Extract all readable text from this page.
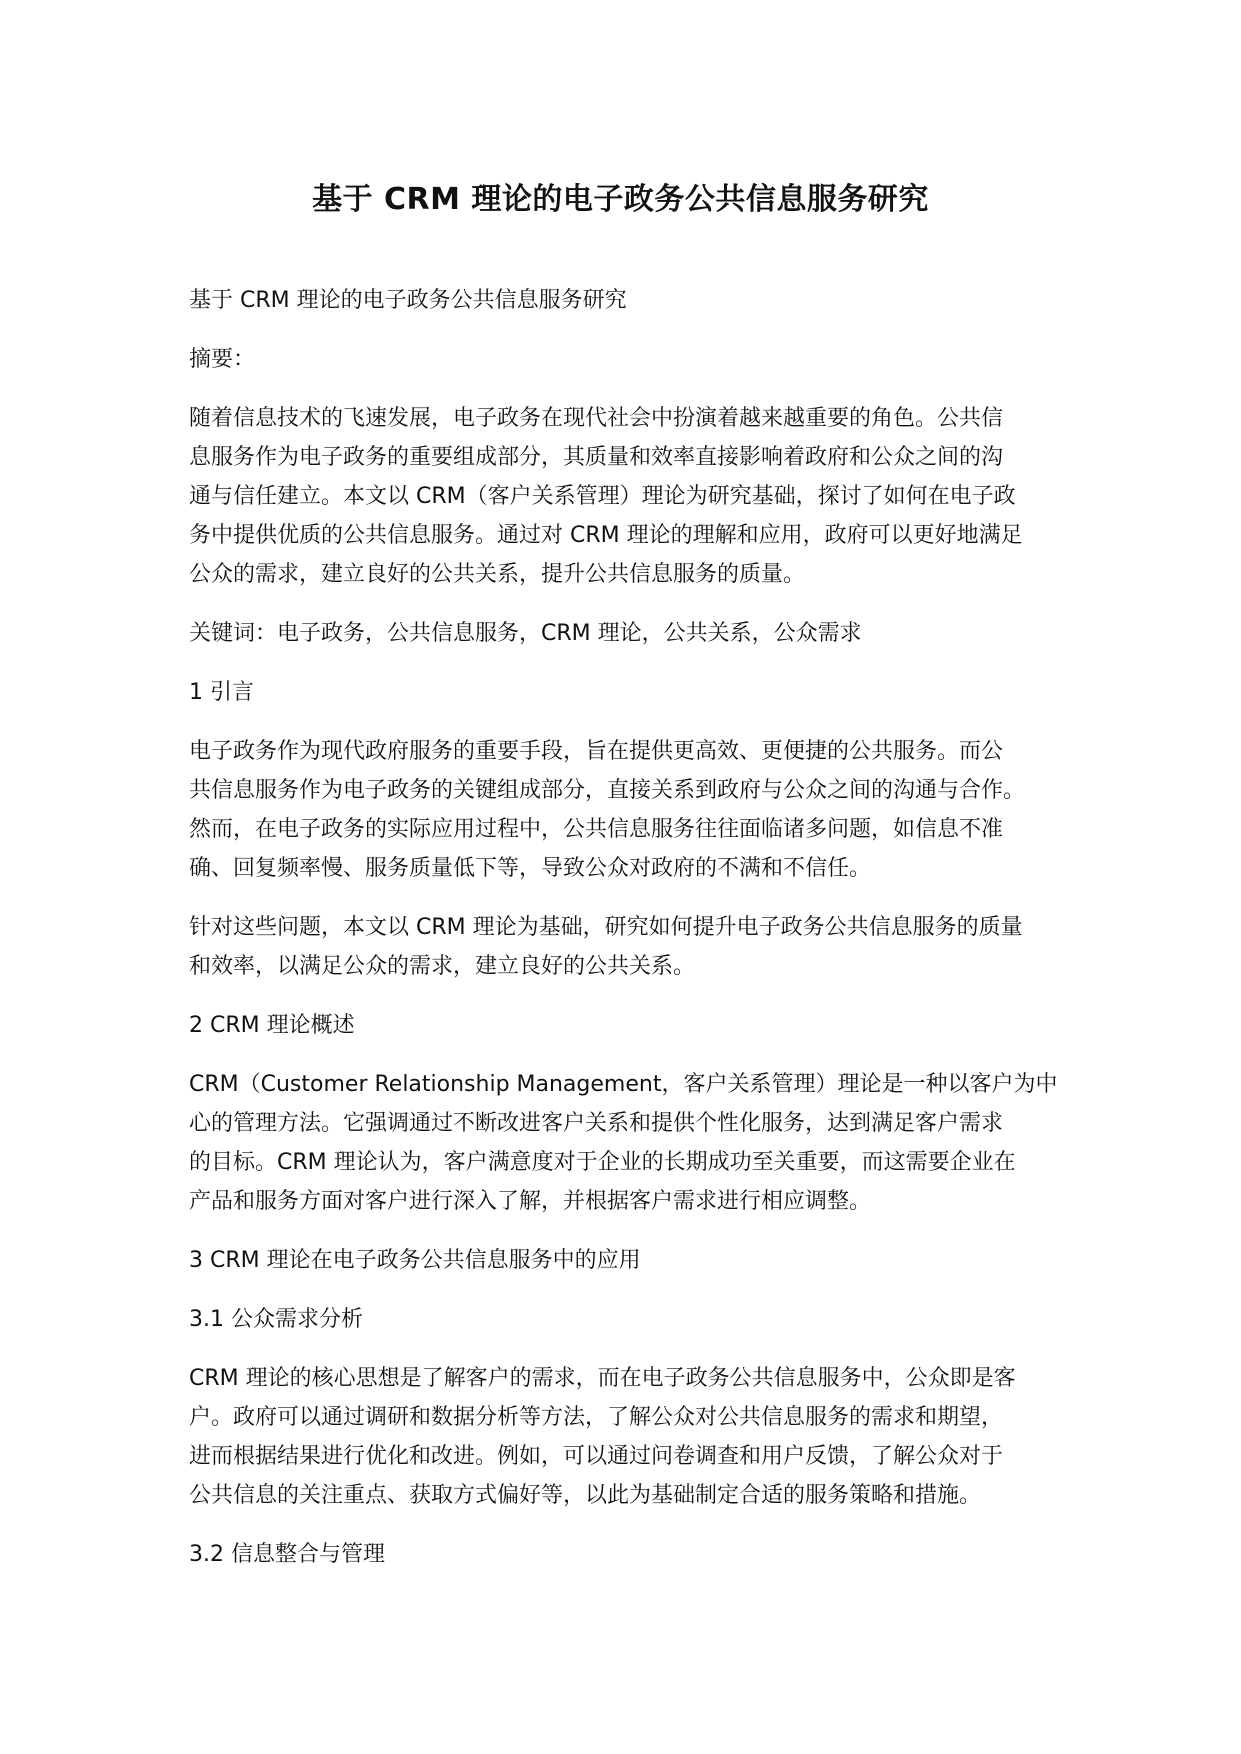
基于 CRM 理论的电子政务公共信息服务研究

基于 CRM 理论的电子政务公共信息服务研究

摘要：

随着信息技术的飞速发展，电子政务在现代社会中扮演着越来越重要的角色。公共信
息服务作为电子政务的重要组成部分，其质量和效率直接影响着政府和公众之间的沟
通与信任建立。本文以 CRM（客户关系管理）理论为研究基础，探讨了如何在电子政
务中提供优质的公共信息服务。通过对 CRM 理论的理解和应用，政府可以更好地满足
公众的需求，建立良好的公共关系，提升公共信息服务的质量。

关键词：电子政务，公共信息服务，CRM 理论，公共关系，公众需求

1 引言

电子政务作为现代政府服务的重要手段，旨在提供更高效、更便捷的公共服务。而公
共信息服务作为电子政务的关键组成部分，直接关系到政府与公众之间的沟通与合作。
然而，在电子政务的实际应用过程中，公共信息服务往往面临诸多问题，如信息不准
确、回复频率慢、服务质量低下等，导致公众对政府的不满和不信任。

针对这些问题，本文以 CRM 理论为基础，研究如何提升电子政务公共信息服务的质量
和效率，以满足公众的需求，建立良好的公共关系。

2 CRM 理论概述

CRM（Customer Relationship Management，客户关系管理）理论是一种以客户为中
心的管理方法。它强调通过不断改进客户关系和提供个性化服务，达到满足客户需求
的目标。CRM 理论认为，客户满意度对于企业的长期成功至关重要，而这需要企业在
产品和服务方面对客户进行深入了解，并根据客户需求进行相应调整。

3 CRM 理论在电子政务公共信息服务中的应用

3.1 公众需求分析

CRM 理论的核心思想是了解客户的需求，而在电子政务公共信息服务中，公众即是客
户。政府可以通过调研和数据分析等方法，了解公众对公共信息服务的需求和期望，
进而根据结果进行优化和改进。例如，可以通过问卷调查和用户反馈，了解公众对于
公共信息的关注重点、获取方式偏好等，以此为基础制定合适的服务策略和措施。

3.2 信息整合与管理
